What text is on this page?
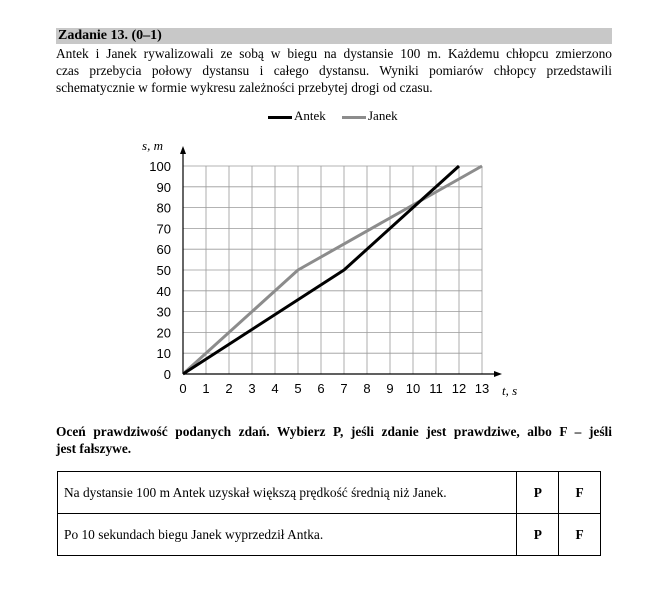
Zadanie 13. (0–1)
Antek i Janek rywalizowali ze sobą w biegu na dystansie 100 m. Każdemu chłopcu zmierzono
czas przebycia połowy dystansu i całego dystansu. Wyniki pomiarów chłopcy przedstawili
schematycznie w formie wykresu zależności przebytej drogi od czasu.
Antek	Janek
0 1 2 3 4 5 6 7 8 9 10 11 12 13
0
10
20
30
40
50
60
70
80
90
100
s, m
t, s
Oceń prawdziwość podanych zdań. Wybierz P, jeśli zdanie jest prawdziwe, albo F – jeśli
jest fałszywe.
Na dystansie 100 m Antek uzyskał większą prędkość średnią niż Janek.	P	F
Po 10 sekundach biegu Janek wyprzedził Antka.	P	F
